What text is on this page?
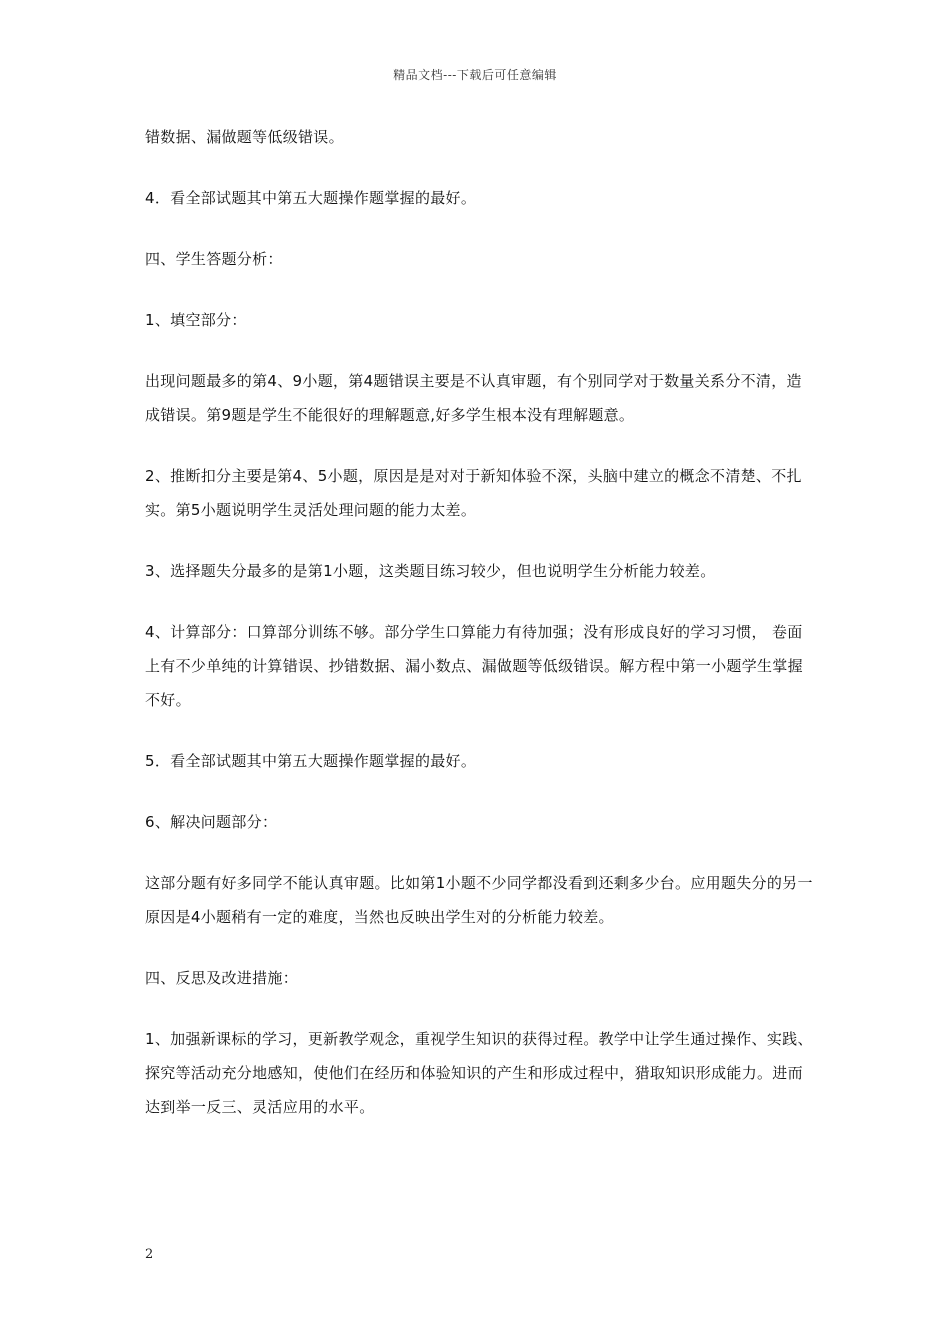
精品文档---下载后可任意编辑

错数据、漏做题等低级错误。

4．看全部试题其中第五大题操作题掌握的最好。

四、学生答题分析：

1、填空部分：

出现问题最多的第4、9小题，第4题错误主要是不认真审题，有个别同学对于数量关系分不清，造成错误。第9题是学生不能很好的理解题意,好多学生根本没有理解题意。

2、推断扣分主要是第4、5小题，原因是是对对于新知体验不深，头脑中建立的概念不清楚、不扎实。第5小题说明学生灵活处理问题的能力太差。

3、选择题失分最多的是第1小题，这类题目练习较少，但也说明学生分析能力较差。

4、计算部分：口算部分训练不够。部分学生口算能力有待加强；没有形成良好的学习习惯， 卷面上有不少单纯的计算错误、抄错数据、漏小数点、漏做题等低级错误。解方程中第一小题学生掌握不好。

5．看全部试题其中第五大题操作题掌握的最好。

6、解决问题部分：

这部分题有好多同学不能认真审题。比如第1小题不少同学都没看到还剩多少台。应用题失分的另一原因是4小题稍有一定的难度，当然也反映出学生对的分析能力较差。

四、反思及改进措施：

1、加强新课标的学习，更新教学观念，重视学生知识的获得过程。教学中让学生通过操作、实践、探究等活动充分地感知，使他们在经历和体验知识的产生和形成过程中，猎取知识形成能力。进而达到举一反三、灵活应用的水平。

2
